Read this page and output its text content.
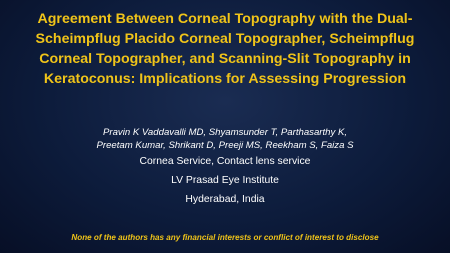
Agreement Between Corneal Topography with the Dual-
Scheimpflug Placido Corneal Topographer, Scheimpflug
Corneal Topographer, and Scanning-Slit Topography in
Keratoconus: Implications for Assessing Progression
Pravin K Vaddavalli MD, Shyamsunder T, Parthasarthy K,
Preetam Kumar, Shrikant D, Preeji MS, Reekham S, Faiza S
Cornea Service, Contact lens service
LV Prasad Eye Institute
Hyderabad, India
None of the authors has any financial interests or conflict of interest to disclose
